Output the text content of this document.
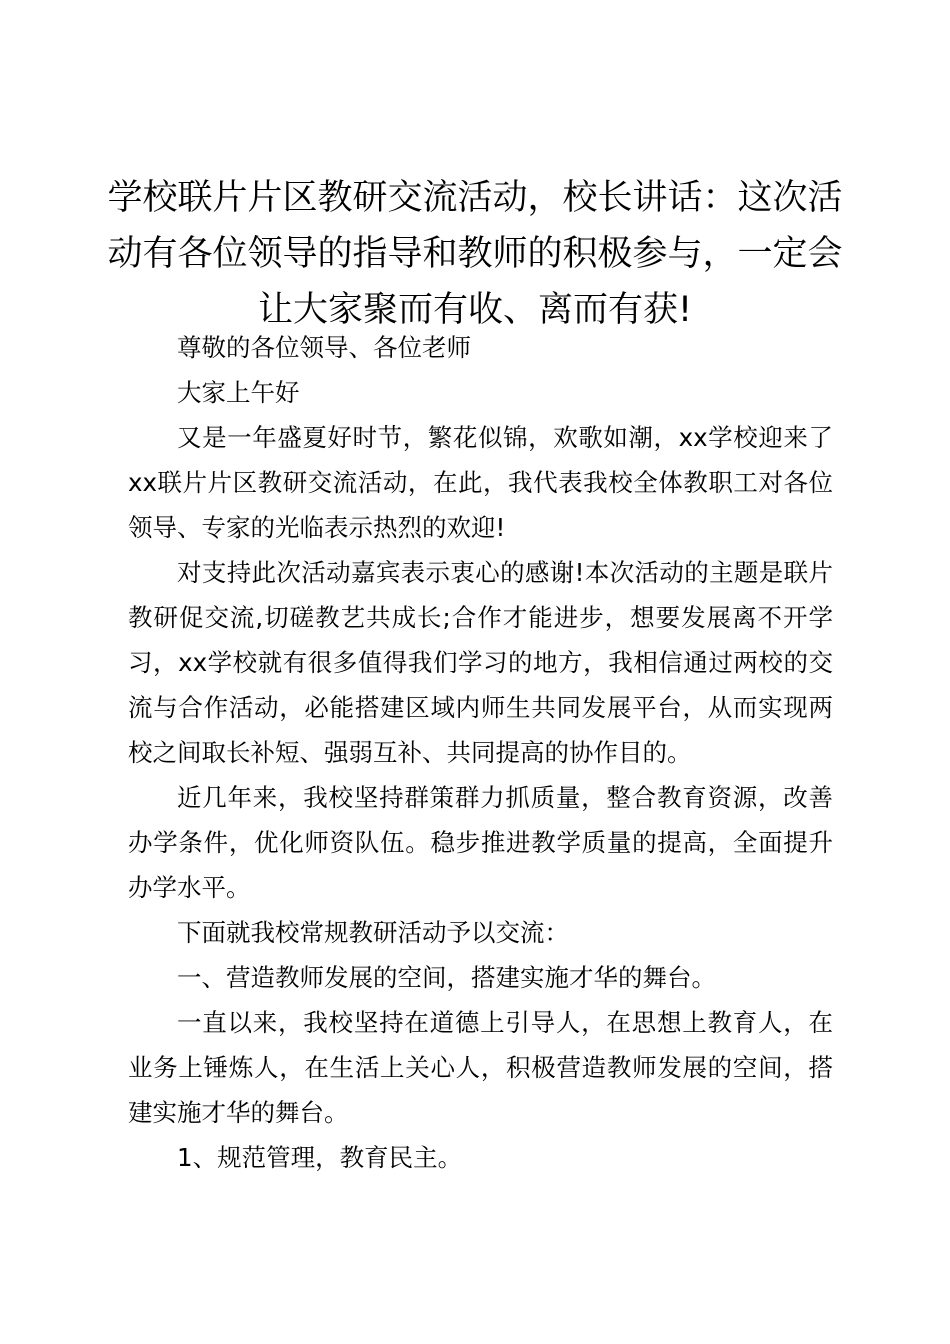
学校联片片区教研交流活动，校长讲话：这次活动有各位领导的指导和教师的积极参与，一定会让大家聚而有收、离而有获!

尊敬的各位领导、各位老师

大家上午好

又是一年盛夏好时节，繁花似锦，欢歌如潮，xx学校迎来了xx联片片区教研交流活动，在此，我代表我校全体教职工对各位领导、专家的光临表示热烈的欢迎!

对支持此次活动嘉宾表示衷心的感谢!本次活动的主题是联片教研促交流,切磋教艺共成长;合作才能进步，想要发展离不开学习，xx学校就有很多值得我们学习的地方，我相信通过两校的交流与合作活动，必能搭建区域内师生共同发展平台，从而实现两校之间取长补短、强弱互补、共同提高的协作目的。

近几年来，我校坚持群策群力抓质量，整合教育资源，改善办学条件，优化师资队伍。稳步推进教学质量的提高，全面提升办学水平。

下面就我校常规教研活动予以交流：

一、营造教师发展的空间，搭建实施才华的舞台。

一直以来，我校坚持在道德上引导人，在思想上教育人，在业务上锤炼人，在生活上关心人，积极营造教师发展的空间，搭建实施才华的舞台。

1、规范管理，教育民主。
